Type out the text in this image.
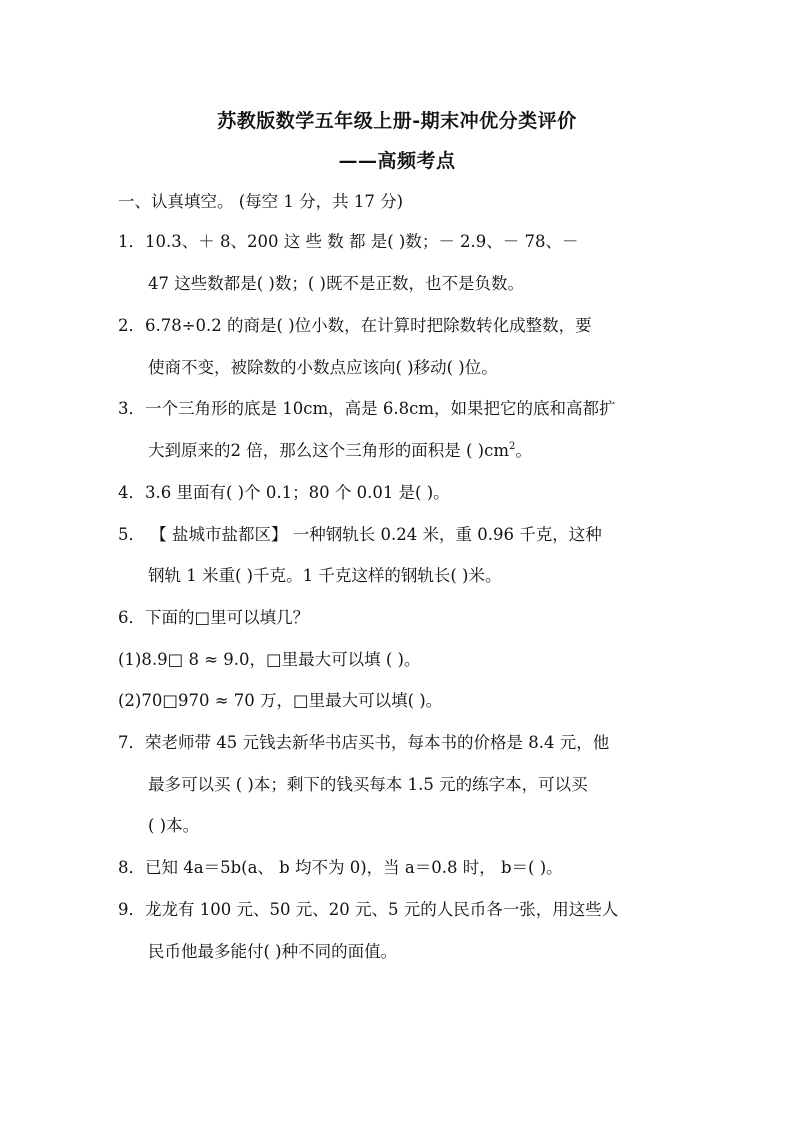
苏教版数学五年级上册-期末冲优分类评价
——高频考点
一、认真填空。 (每空 1 分，共 17 分)
1．10.3、＋ 8、200 这 些 数 都 是( )数；－ 2.9、－ 78、－
47 这些数都是( )数；( )既不是正数，也不是负数。
2．6.78÷0.2 的商是( )位小数，在计算时把除数转化成整数，要
使商不变，被除数的小数点应该向( )移动( )位。
3．一个三角形的底是 10cm，高是 6.8cm，如果把它的底和高都扩
大到原来的2 倍，那么这个三角形的面积是 ( )$cm^2$。
4．3.6 里面有( )个 0.1；80 个 0.01 是( )。
5． 【 盐城市盐都区】 一种钢轨长 0.24 米，重 0.96 千克，这种
钢轨 1 米重( )千克。1 千克这样的钢轨长( )米。
6．下面的□里可以填几？
(1)8.9□ 8 ≈ 9.0，□里最大可以填 ( )。
(2)70□970 ≈ 70 万，□里最大可以填( )。
7．荣老师带 45 元钱去新华书店买书，每本书的价格是 8.4 元，他
最多可以买 ( )本；剩下的钱买每本 1.5 元的练字本，可以买
( )本。
8．已知 4a＝5b(a、 b 均不为 0)，当 a＝0.8 时， b＝( )。
9．龙龙有 100 元、50 元、20 元、5 元的人民币各一张，用这些人
民币他最多能付( )种不同的面值。
